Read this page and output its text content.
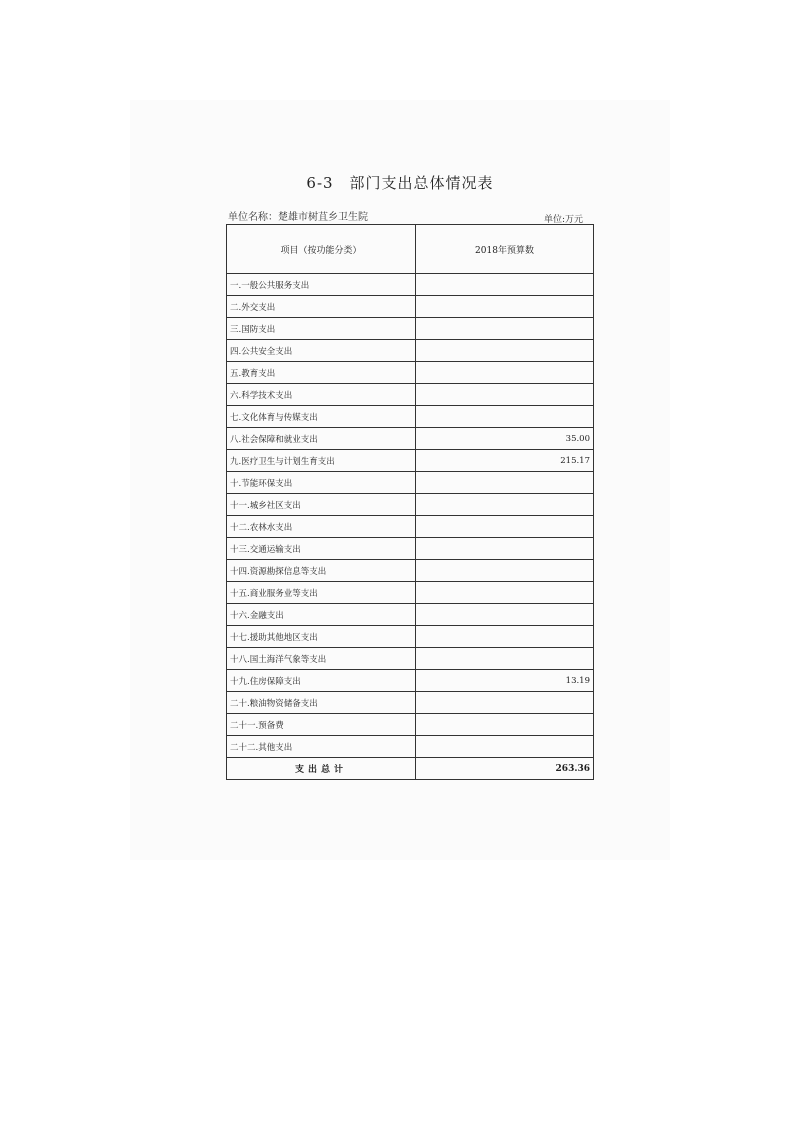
6-3　部门支出总体情况表
单位名称：楚雄市树苴乡卫生院	单位:万元
项目（按功能分类）	2018年预算数
一.一般公共服务支出	
二.外交支出	
三.国防支出	
四.公共安全支出	
五.教育支出	
六.科学技术支出	
七.文化体育与传媒支出	
八.社会保障和就业支出	35.00
九.医疗卫生与计划生育支出	215.17
十.节能环保支出	
十一.城乡社区支出	
十二.农林水支出	
十三.交通运输支出	
十四.资源勘探信息等支出	
十五.商业服务业等支出	
十六.金融支出	
十七.援助其他地区支出	
十八.国土海洋气象等支出	
十九.住房保障支出	13.19
二十.粮油物资储备支出	
二十一.预备费	
二十二.其他支出	
支出总计	263.36
